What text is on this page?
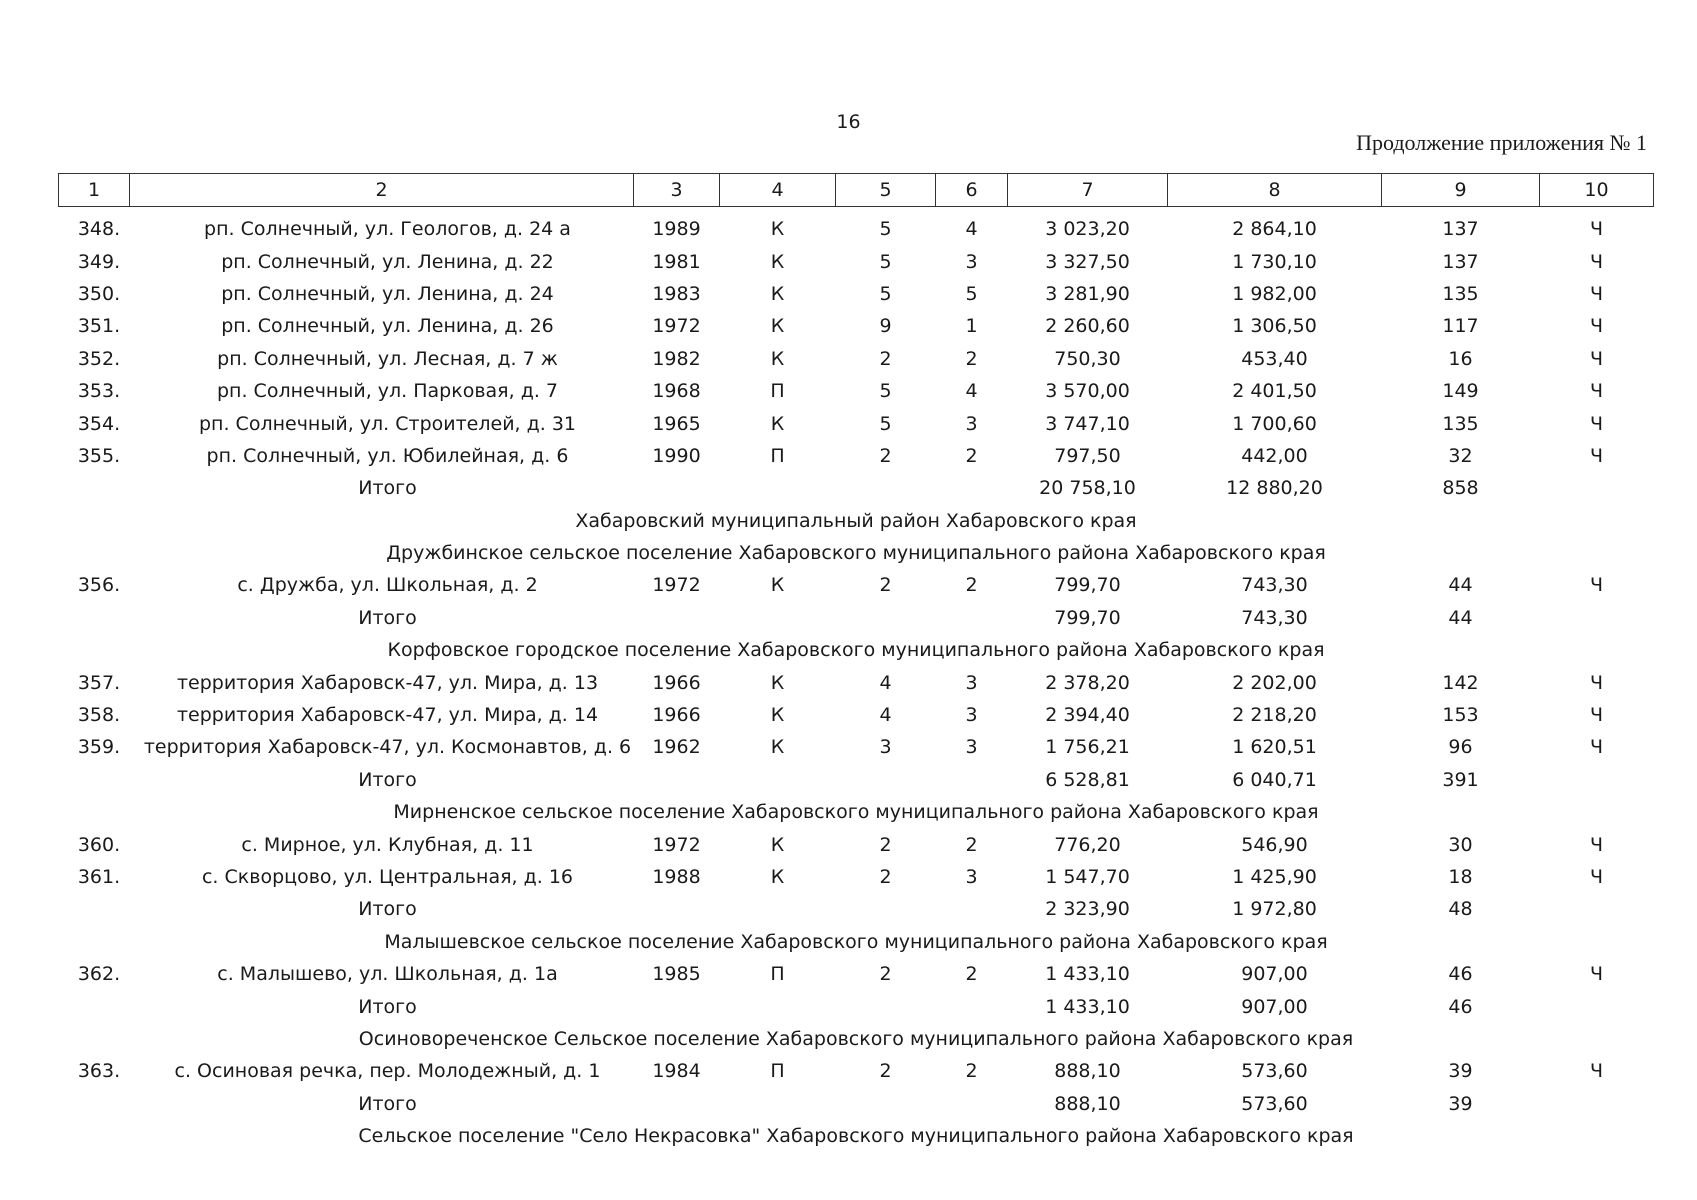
16
Продолжение приложения № 1
1	2	3	4	5	6	7	8	9	10
348.	рп. Солнечный, ул. Геологов, д. 24 а	1989	К	5	4	3 023,20	2 864,10	137	Ч
349.	рп. Солнечный, ул. Ленина, д. 22	1981	К	5	3	3 327,50	1 730,10	137	Ч
350.	рп. Солнечный, ул. Ленина, д. 24	1983	К	5	5	3 281,90	1 982,00	135	Ч
351.	рп. Солнечный, ул. Ленина, д. 26	1972	К	9	1	2 260,60	1 306,50	117	Ч
352.	рп. Солнечный, ул. Лесная, д. 7 ж	1982	К	2	2	750,30	453,40	16	Ч
353.	рп. Солнечный, ул. Парковая, д. 7	1968	П	5	4	3 570,00	2 401,50	149	Ч
354.	рп. Солнечный, ул. Строителей, д. 31	1965	К	5	3	3 747,10	1 700,60	135	Ч
355.	рп. Солнечный, ул. Юбилейная, д. 6	1990	П	2	2	797,50	442,00	32	Ч
	Итого					20 758,10	12 880,20	858	
Хабаровский муниципальный район Хабаровского края									
Дружбинское сельское поселение Хабаровского муниципального района Хабаровского края									
356.	с. Дружба, ул. Школьная, д. 2	1972	К	2	2	799,70	743,30	44	Ч
	Итого					799,70	743,30	44	
Корфовское городское поселение Хабаровского муниципального района Хабаровского края									
357.	территория Хабаровск-47, ул. Мира, д. 13	1966	К	4	3	2 378,20	2 202,00	142	Ч
358.	территория Хабаровск-47, ул. Мира, д. 14	1966	К	4	3	2 394,40	2 218,20	153	Ч
359.	территория Хабаровск-47, ул. Космонавтов, д. 6	1962	К	3	3	1 756,21	1 620,51	96	Ч
	Итого					6 528,81	6 040,71	391	
Мирненское сельское поселение Хабаровского муниципального района Хабаровского края									
360.	с. Мирное, ул. Клубная, д. 11	1972	К	2	2	776,20	546,90	30	Ч
361.	с. Скворцово, ул. Центральная, д. 16	1988	К	2	3	1 547,70	1 425,90	18	Ч
	Итого					2 323,90	1 972,80	48	
Малышевское сельское поселение Хабаровского муниципального района Хабаровского края									
362.	с. Малышево, ул. Школьная, д. 1а	1985	П	2	2	1 433,10	907,00	46	Ч
	Итого					1 433,10	907,00	46	
Осиновореченское Сельское поселение Хабаровского муниципального района Хабаровского края									
363.	с. Осиновая речка, пер. Молодежный, д. 1	1984	П	2	2	888,10	573,60	39	Ч
	Итого					888,10	573,60	39	
Сельское поселение "Село Некрасовка" Хабаровского муниципального района Хабаровского края									
